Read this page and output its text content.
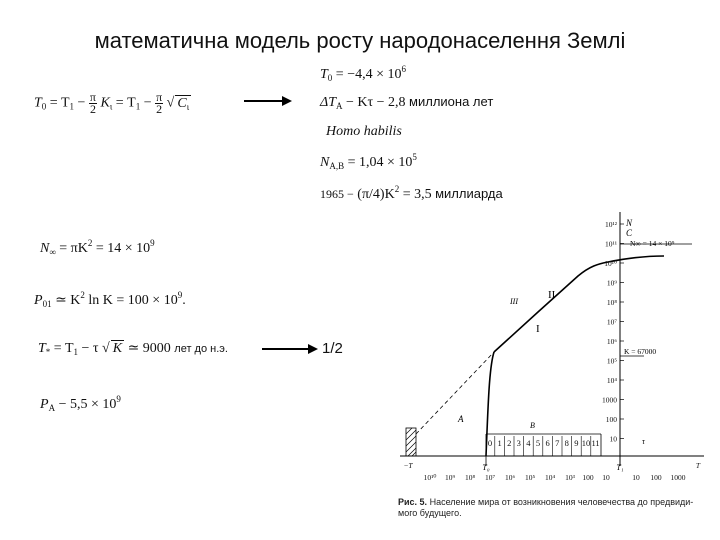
математична модель росту народонаселення Землі
$T_0 = T_1 - \frac{\pi}{2} K_\iota = T_1 - \frac{\pi}{2}$ √ $C_\iota$
$N_\infty = \pi K^2 = 14 \times 10^9$
$P_{01}$ ≃ $K^2$ $\ln K = 100 \times 10^9$.
$T_* = T_1 - \tau$ √ K ≃ 9000 лет до н.э.	1/2
$P_A - 5,5 \times 10^9$
$T_0 = -4,4 \times 10^6$
$\Delta T_A - K\tau - 2,8$ миллиона лет
Homo habilis
$N_{A,B} = 1,04 \times 10^5$
$1965 - (\pi/4)K^2 = 3,5$ миллиарда
10¹²
10¹¹
10¹⁰
10⁹
10⁸
10⁷
10⁶
10⁵
10⁴
1000
100
10
−T
10¹⁰ 10⁹ 10⁸ 10⁷ 10⁶ 10⁵ 10⁴ 10³ 100 10	10 100 1000
T
0 1 2 3 4 5 6 7 8 9 10 11
N
C
N∞ = 14 × 10⁹
K = 67000
τ
A
B
I
II
III
T₀	T₁
Рис. 5. Население мира от возникновения человечества до предвиди-мого будущего.
